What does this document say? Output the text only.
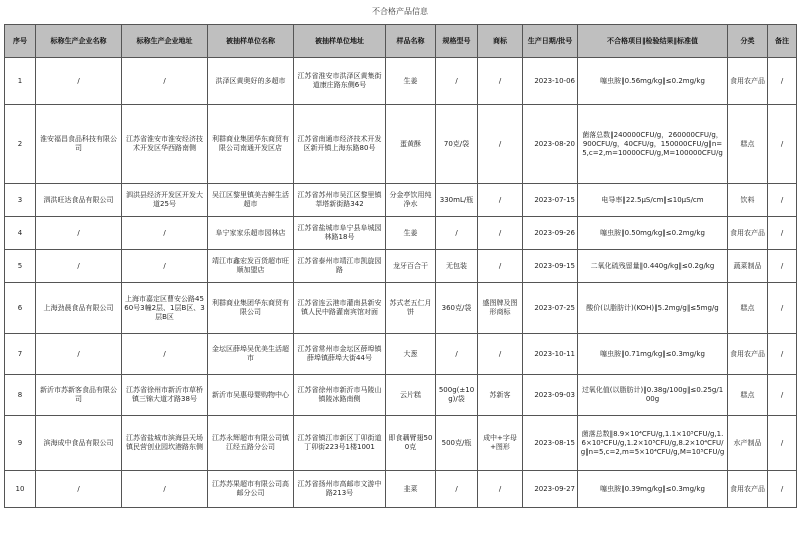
不合格产品信息
序号	标称生产企业名称	标称生产企业地址	被抽样单位名称	被抽样单位地址	样品名称	规格型号	商标	生产日期/批号	不合格项目‖检验结果‖标准值	分类	备注
1	/	/	洪泽区黄奥好的多超市	江苏省淮安市洪泽区黄集街道康庄路东侧6号	生姜	/	/	2023-10-06	噻虫胺‖0.56mg/kg‖≤0.2mg/kg	食用农产品	/
2	淮安福昌食品科技有限公司	江苏省淮安市淮安经济技术开发区华西路南侧	利群商业集团华东商贸有限公司南通开发区店	江苏省南通市经济技术开发区新开镇上海东路80号	蛋黄酥	70克/袋	/	2023-08-20	菌落总数‖240000CFU/g，260000CFU/g，900CFU/g，40CFU/g，150000CFU/g‖n=5,c=2,m=10000CFU/g,M=100000CFU/g	糕点	/
3	泗洪旺达食品有限公司	泗洪县经济开发区开发大道25号	吴江区黎里镇美吉鲜生活超市	江苏省苏州市吴江区黎里镇莘塔新街路342	分金亭饮用纯净水	330mL/瓶	/	2023-07-15	电导率‖22.5μS/cm‖≤10μS/cm	饮料	/
4	/	/	阜宁家家乐超市园林店	江苏省盐城市阜宁县阜城园林路18号	生姜	/	/	2023-09-26	噻虫胺‖0.50mg/kg‖≤0.2mg/kg	食用农产品	/
5	/	/	靖江市鑫宏发百货超市旺顺加盟店	江苏省泰州市靖江市凯旋园路	龙牙百合干	无包装	/	2023-09-15	二氧化硫残留量‖0.440g/kg‖≤0.2g/kg	蔬菜制品	/
6	上海劲晨食品有限公司	上海市嘉定区曹安公路4560号3幢2层、1层B区、3层B区	利群商业集团华东商贸有限公司	江苏省连云港市灌南县新安镇人民中路灌南宾馆对面	苏式老五仁月饼	360克/袋	盛图牌及图形商标	2023-07-25	酸价(以脂肪计)(KOH)‖5.2mg/g‖≤5mg/g	糕点	/
7	/	/	金坛区薛埠吴优美生活超市	江苏省常州市金坛区薛埠镇薛埠镇薛埠大街44号	大葱	/	/	2023-10-11	噻虫胺‖0.71mg/kg‖≤0.3mg/kg	食用农产品	/
8	新沂市苏新客食品有限公司	江苏省徐州市新沂市草桥镇三锦大道才路38号	新沂市吴惠母婴购物中心	江苏省徐州市新沂市马陵山镇陵冰路南侧	云片糕	500g(±10g)/袋	苏新客	2023-09-03	过氧化值(以脂肪计)‖0.38g/100g‖≤0.25g/100g	糕点	/
9	滨海成中食品有限公司	江苏省盐城市滨海县天场镇民营创业园坎港路东侧	江苏永辉超市有限公司镇江经五路分公司	江苏省镇江市新区丁卯街道丁卯街223号1楼1001	即食藕臂翅500克	500克/瓶	成中+字母+图形	2023-08-15	菌落总数‖8.9×10⁴CFU/g,1.1×10⁵CFU/g,1.6×10⁵CFU/g,1.2×10⁵CFU/g,8.2×10⁴CFU/g‖n=5,c=2,m=5×10⁴CFU/g,M=10⁵CFU/g	水产制品	/
10	/	/	江苏苏果超市有限公司高邮分公司	江苏省扬州市高邮市文游中路213号	韭菜	/	/	2023-09-27	噻虫胺‖0.39mg/kg‖≤0.3mg/kg	食用农产品	/
